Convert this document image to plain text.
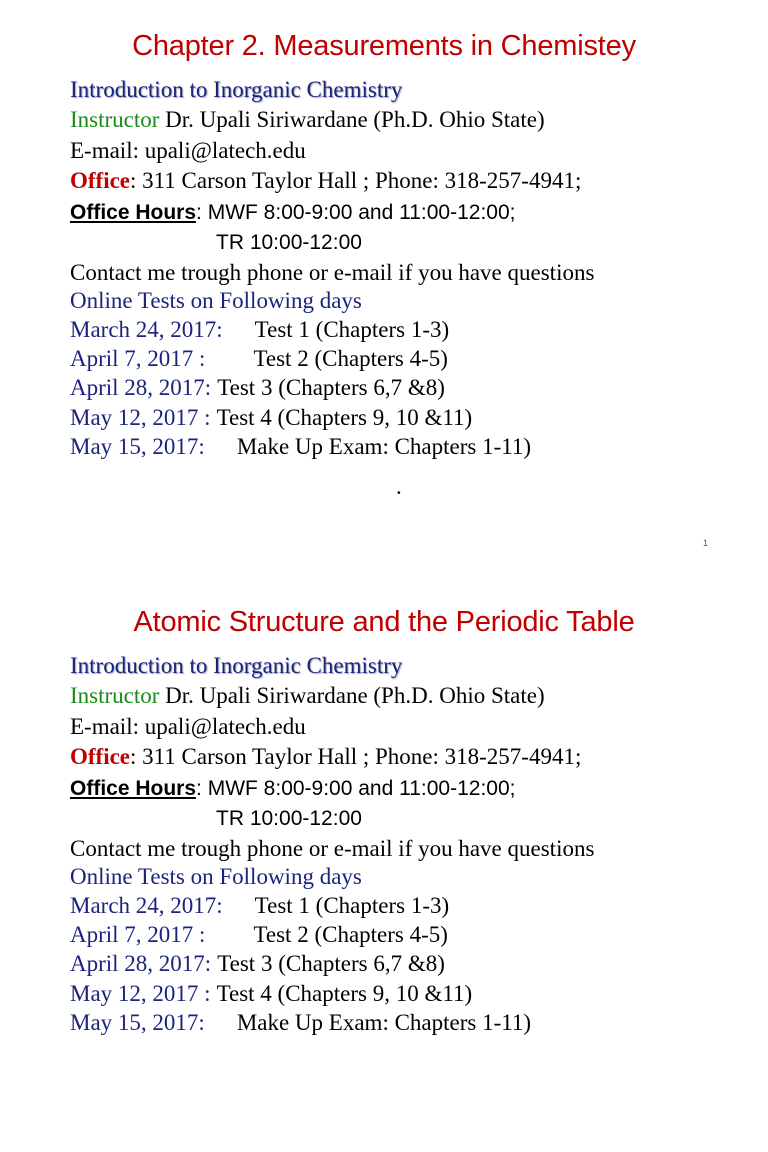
Chapter 2. Measurements in Chemistey
Introduction to Inorganic Chemistry
Instructor Dr. Upali Siriwardane (Ph.D. Ohio State)
E-mail: upali@latech.edu
Office: 311 Carson Taylor Hall ; Phone: 318-257-4941;
Office Hours: MWF 8:00-9:00 and 11:00-12:00;
TR 10:00-12:00
Contact me trough phone or e-mail if you have questions
Online Tests on Following days
March 24, 2017: Test 1 (Chapters 1-3)
April 7, 2017 : Test 2 (Chapters 4-5)
April 28, 2017: Test 3 (Chapters 6,7 &8)
May 12, 2017 : Test 4 (Chapters 9, 10 &11)
May 15, 2017: Make Up Exam: Chapters 1-11)
.
1
Atomic Structure and the Periodic Table
Introduction to Inorganic Chemistry
Instructor Dr. Upali Siriwardane (Ph.D. Ohio State)
E-mail: upali@latech.edu
Office: 311 Carson Taylor Hall ; Phone: 318-257-4941;
Office Hours: MWF 8:00-9:00 and 11:00-12:00;
TR 10:00-12:00
Contact me trough phone or e-mail if you have questions
Online Tests on Following days
March 24, 2017: Test 1 (Chapters 1-3)
April 7, 2017 : Test 2 (Chapters 4-5)
April 28, 2017: Test 3 (Chapters 6,7 &8)
May 12, 2017 : Test 4 (Chapters 9, 10 &11)
May 15, 2017: Make Up Exam: Chapters 1-11)
